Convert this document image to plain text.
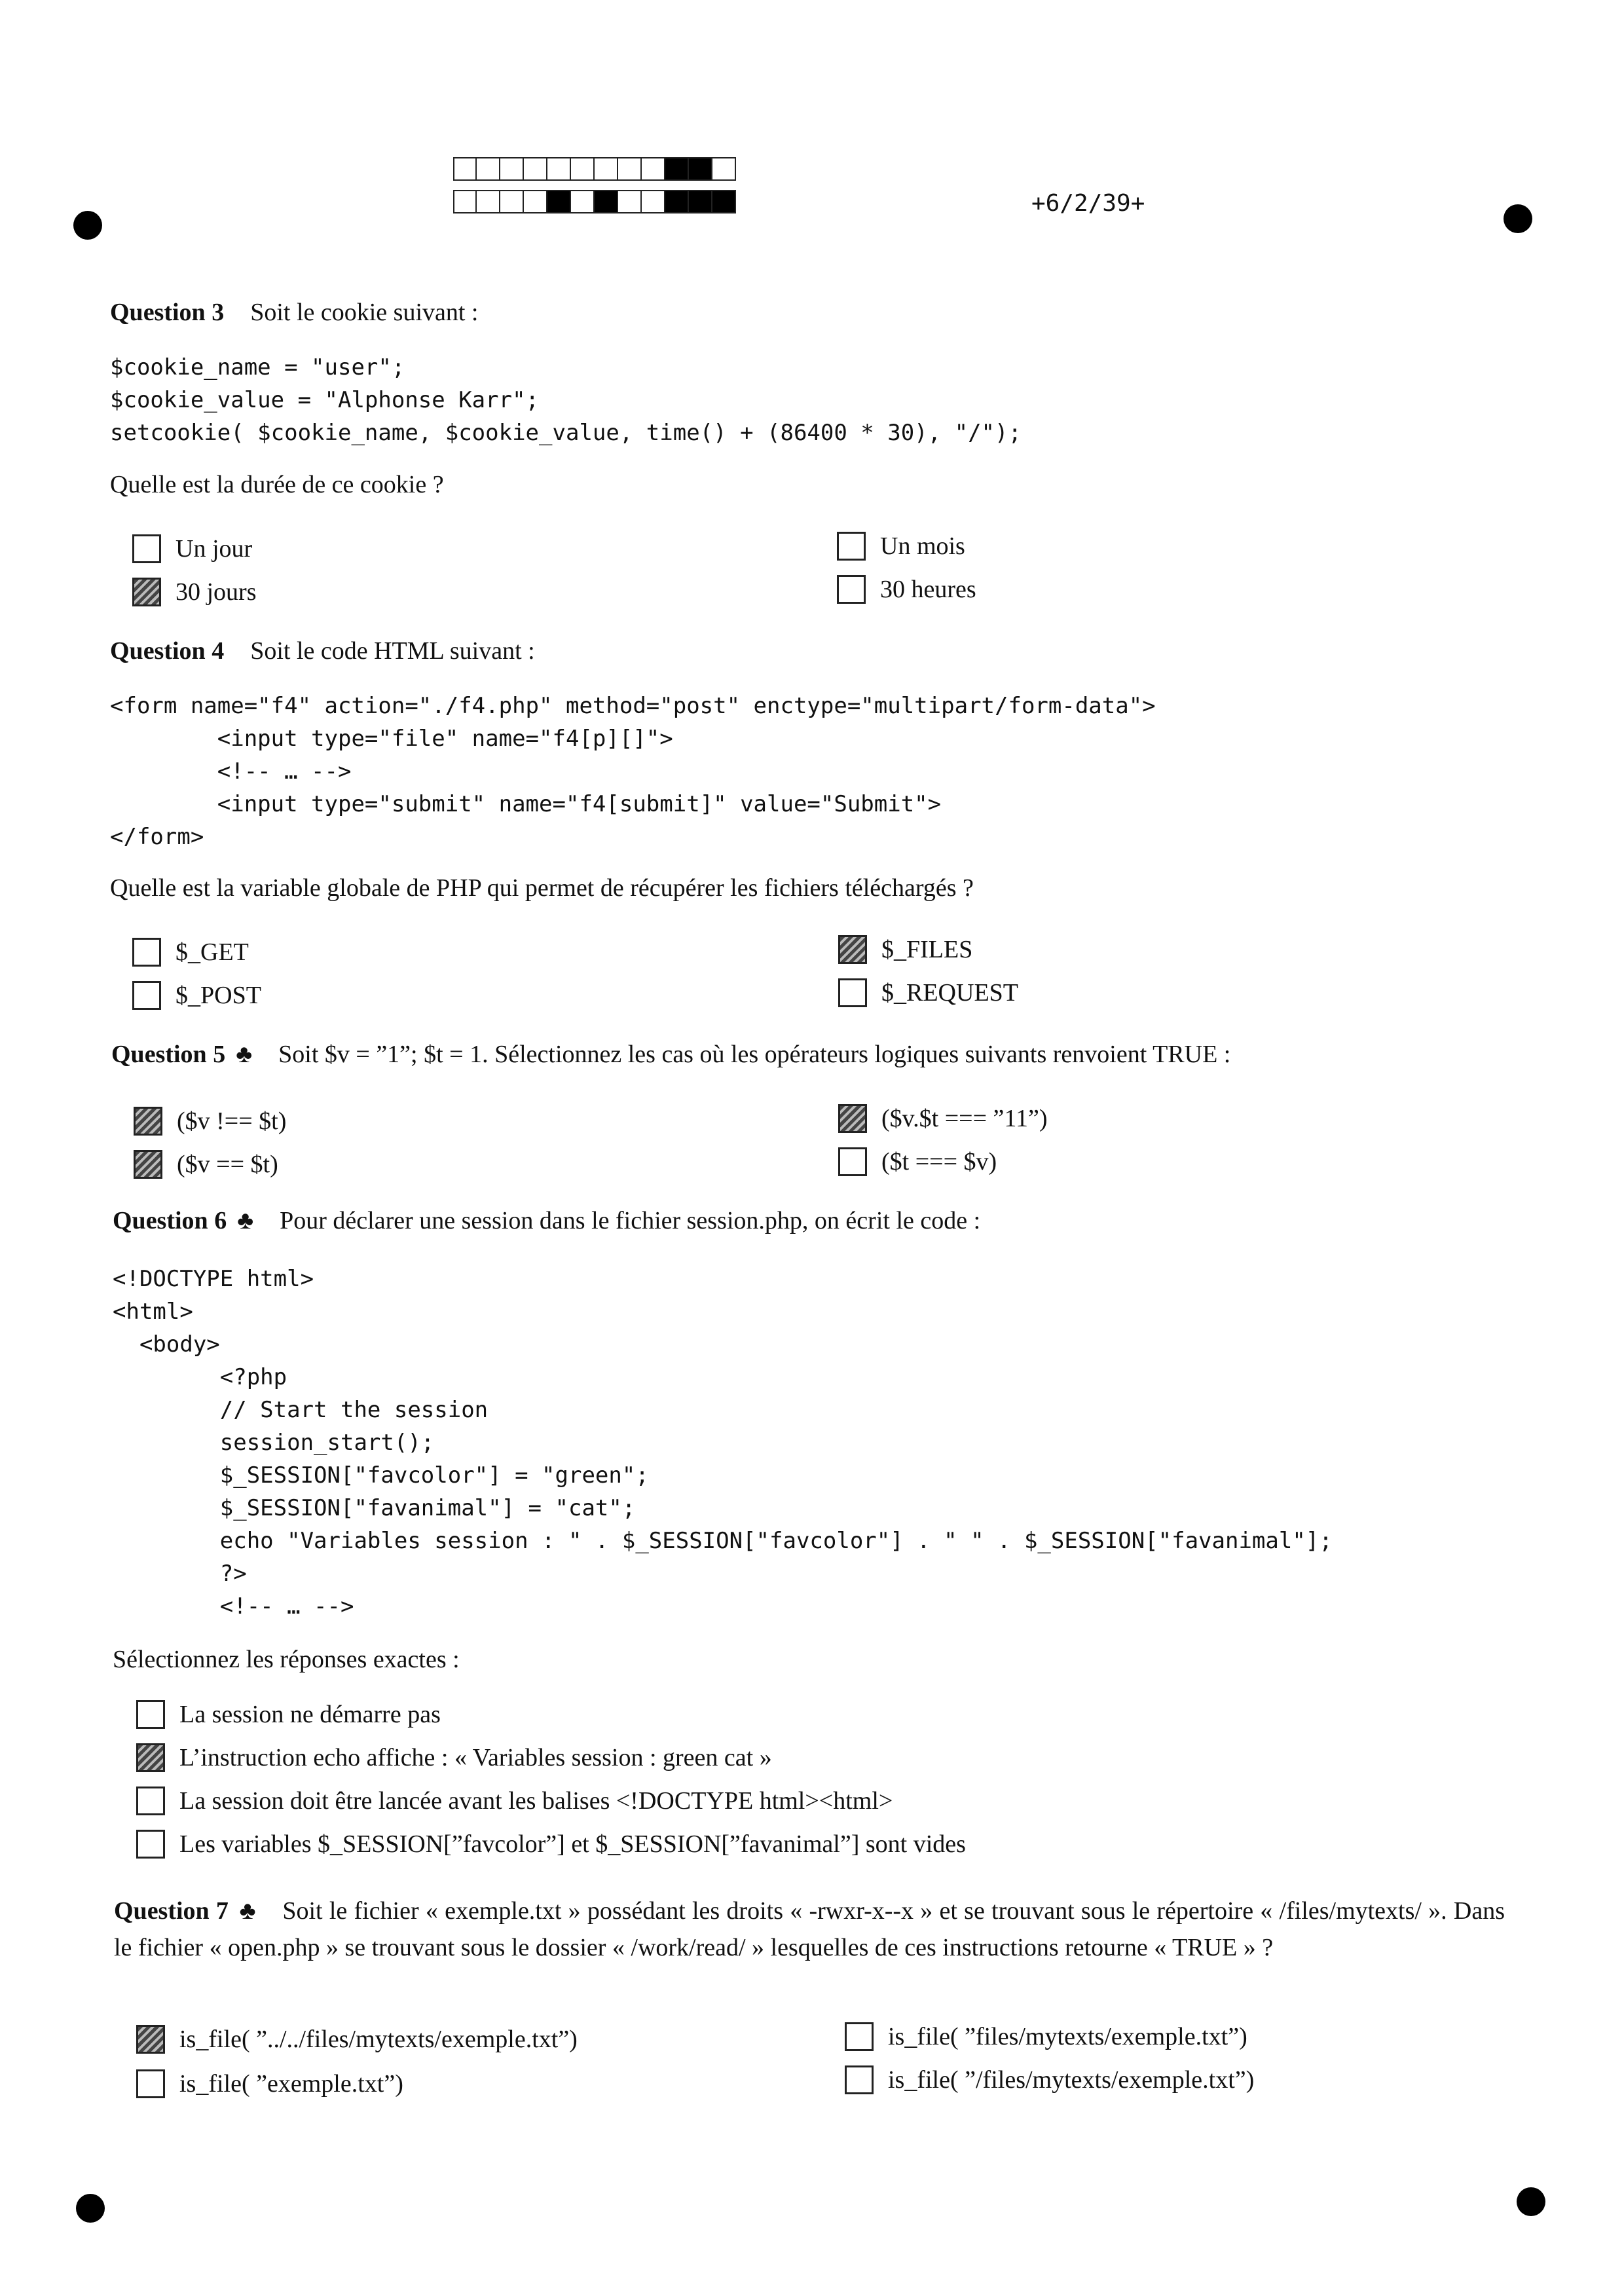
+6/2/39+
Question 3 Soit le cookie suivant :
$cookie_name = "user";
$cookie_value = "Alphonse Karr";
setcookie( $cookie_name, $cookie_value, time() + (86400 * 30), "/");
Quelle est la durée de ce cookie ?
Un jour
30 jours
Un mois
30 heures
Question 4 Soit le code HTML suivant :
<form name="f4" action="./f4.php" method="post" enctype="multipart/form-data">
<input type="file" name="f4[p][]">
<!-- … -->
<input type="submit" name="f4[submit]" value="Submit">
</form>
Quelle est la variable globale de PHP qui permet de récupérer les fichiers téléchargés ?
$_GET
$_POST
$_FILES
$_REQUEST
Question 5 ♣ Soit $v = ”1”; $t = 1. Sélectionnez les cas où les opérateurs logiques suivants renvoient TRUE :
($v !== $t)
($v == $t)
($v.$t === ”11”)
($t === $v)
Question 6 ♣ Pour déclarer une session dans le fichier session.php, on écrit le code :
<!DOCTYPE html>
<html>
<body>
<?php
// Start the session
session_start();
$_SESSION["favcolor"] = "green";
$_SESSION["favanimal"] = "cat";
echo "Variables session : " . $_SESSION["favcolor"] . " " . $_SESSION["favanimal"];
?>
<!-- … -->
Sélectionnez les réponses exactes :
La session ne démarre pas
L’instruction echo affiche : « Variables session : green cat »
La session doit être lancée avant les balises <!DOCTYPE html><html>
Les variables $_SESSION[”favcolor”] et $_SESSION[”favanimal”] sont vides
Question 7 ♣ Soit le fichier « exemple.txt » possédant les droits « -rwxr-x--x » et se trouvant sous le répertoire « /files/mytexts/ ». Dans le fichier « open.php » se trouvant sous le dossier « /work/read/ » lesquelles de ces instructions retourne « TRUE » ?
is_file( ”../../files/mytexts/exemple.txt”)
is_file( ”exemple.txt”)
is_file( ”files/mytexts/exemple.txt”)
is_file( ”/files/mytexts/exemple.txt”)
